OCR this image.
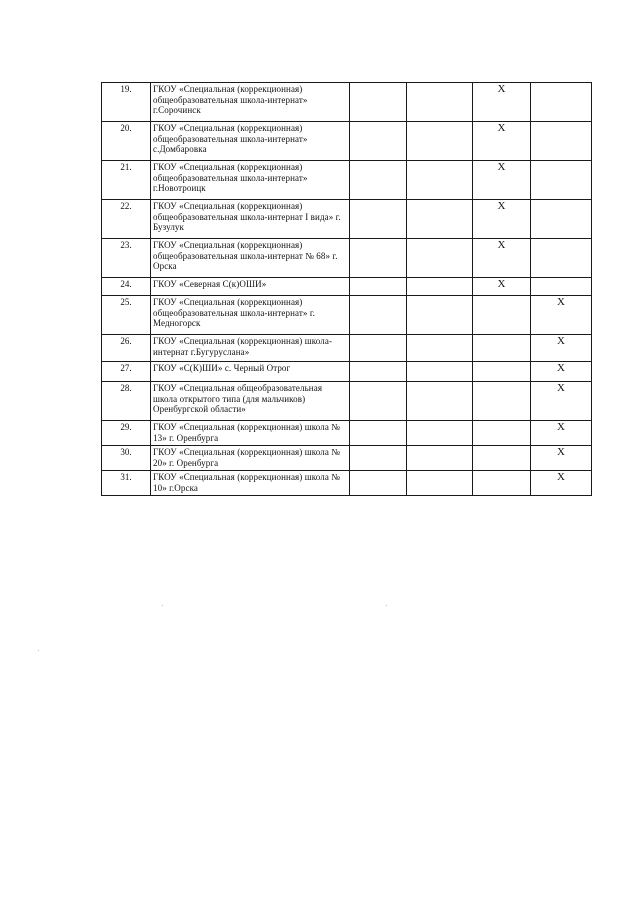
19.	ГКОУ «Специальная (коррекционная) общеобразовательная школа-интернат» г.Сорочинск			X	
20.	ГКОУ «Специальная (коррекционная) общеобразовательная школа-интернат» с.Домбаровка			X	
21.	ГКОУ «Специальная (коррекционная) общеобразовательная школа-интернат» г.Новотроицк			X	
22.	ГКОУ «Специальная (коррекционная) общеобразовательная школа-интернат I вида» г. Бузулук			X	
23.	ГКОУ «Специальная (коррекционная) общеобразовательная школа-интернат № 68» г. Орска			X	
24.	ГКОУ «Северная С(к)ОШИ»			X	
25.	ГКОУ «Специальная (коррекционная) общеобразовательная школа-интернат» г. Медногорск				X
26.	ГКОУ «Специальная (коррекционная) школа-интернат г.Бугуруслана»				X
27.	ГКОУ «С(К)ШИ» с. Черный Отрог				X
28.	ГКОУ «Специальная общеобразовательная школа открытого типа (для мальчиков) Оренбургской области»				X
29.	ГКОУ «Специальная (коррекционная) школа № 13» г. Оренбурга				X
30.	ГКОУ «Специальная (коррекционная) школа № 20» г. Оренбурга				X
31.	ГКОУ «Специальная (коррекционная) школа № 10» г.Орска				X
